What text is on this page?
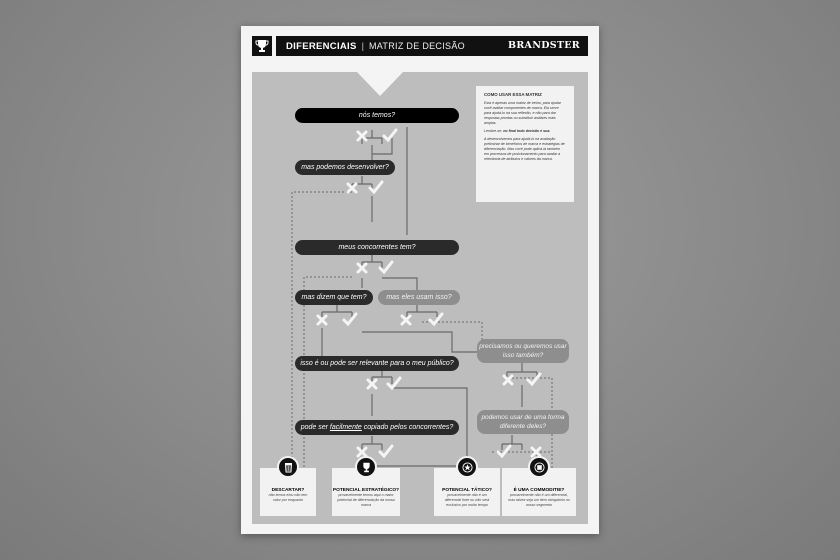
DIFERENCIAIS | MATRIZ DE DECISÃO	BRANDSTER
nós temos?
mas podemos desenvolver?
meus concorrentes tem?
mas dizem que tem?	mas eles usam isso?
precisamos ou queremos usar isso também?
isso é ou pode ser relevante para o meu público?
pode ser facilmente copiado pelos concorrentes?
podemos usar de uma forma diferente deles?
COMO USAR ESSA MATRIZ

Esta é apenas uma matriz de treino, para ajudar você avaliar componentes de marca. Ela serve para ajudá-lo na sua reflexão, e não para dar respostas prontas ou substituir análises mais amplas.

Lembre-se: no final todo decisão é sua.

A desenvolvemos para ajudá-lo na avaliação preliminar de benefícios de marca e estratégias de diferenciação. Mas você pode aplicá-la também em processos de posicionamento para avaliar a relevância de atributos e valores da marca.

DESCARTAR?
não temos e/ou não tem valor por enquanto
POTENCIAL ESTRATÉGICO?
provavelmente temos aqui o maior potencial de diferenciação da nossa marca
POTENCIAL TÁTICO?
provavelmente não é um diferencial forte ou não será exclusivo por muito tempo
É UMA COMMODITIE?
provavelmente não é um diferencial, mas talvez seja um item obrigatório no nosso segmento
